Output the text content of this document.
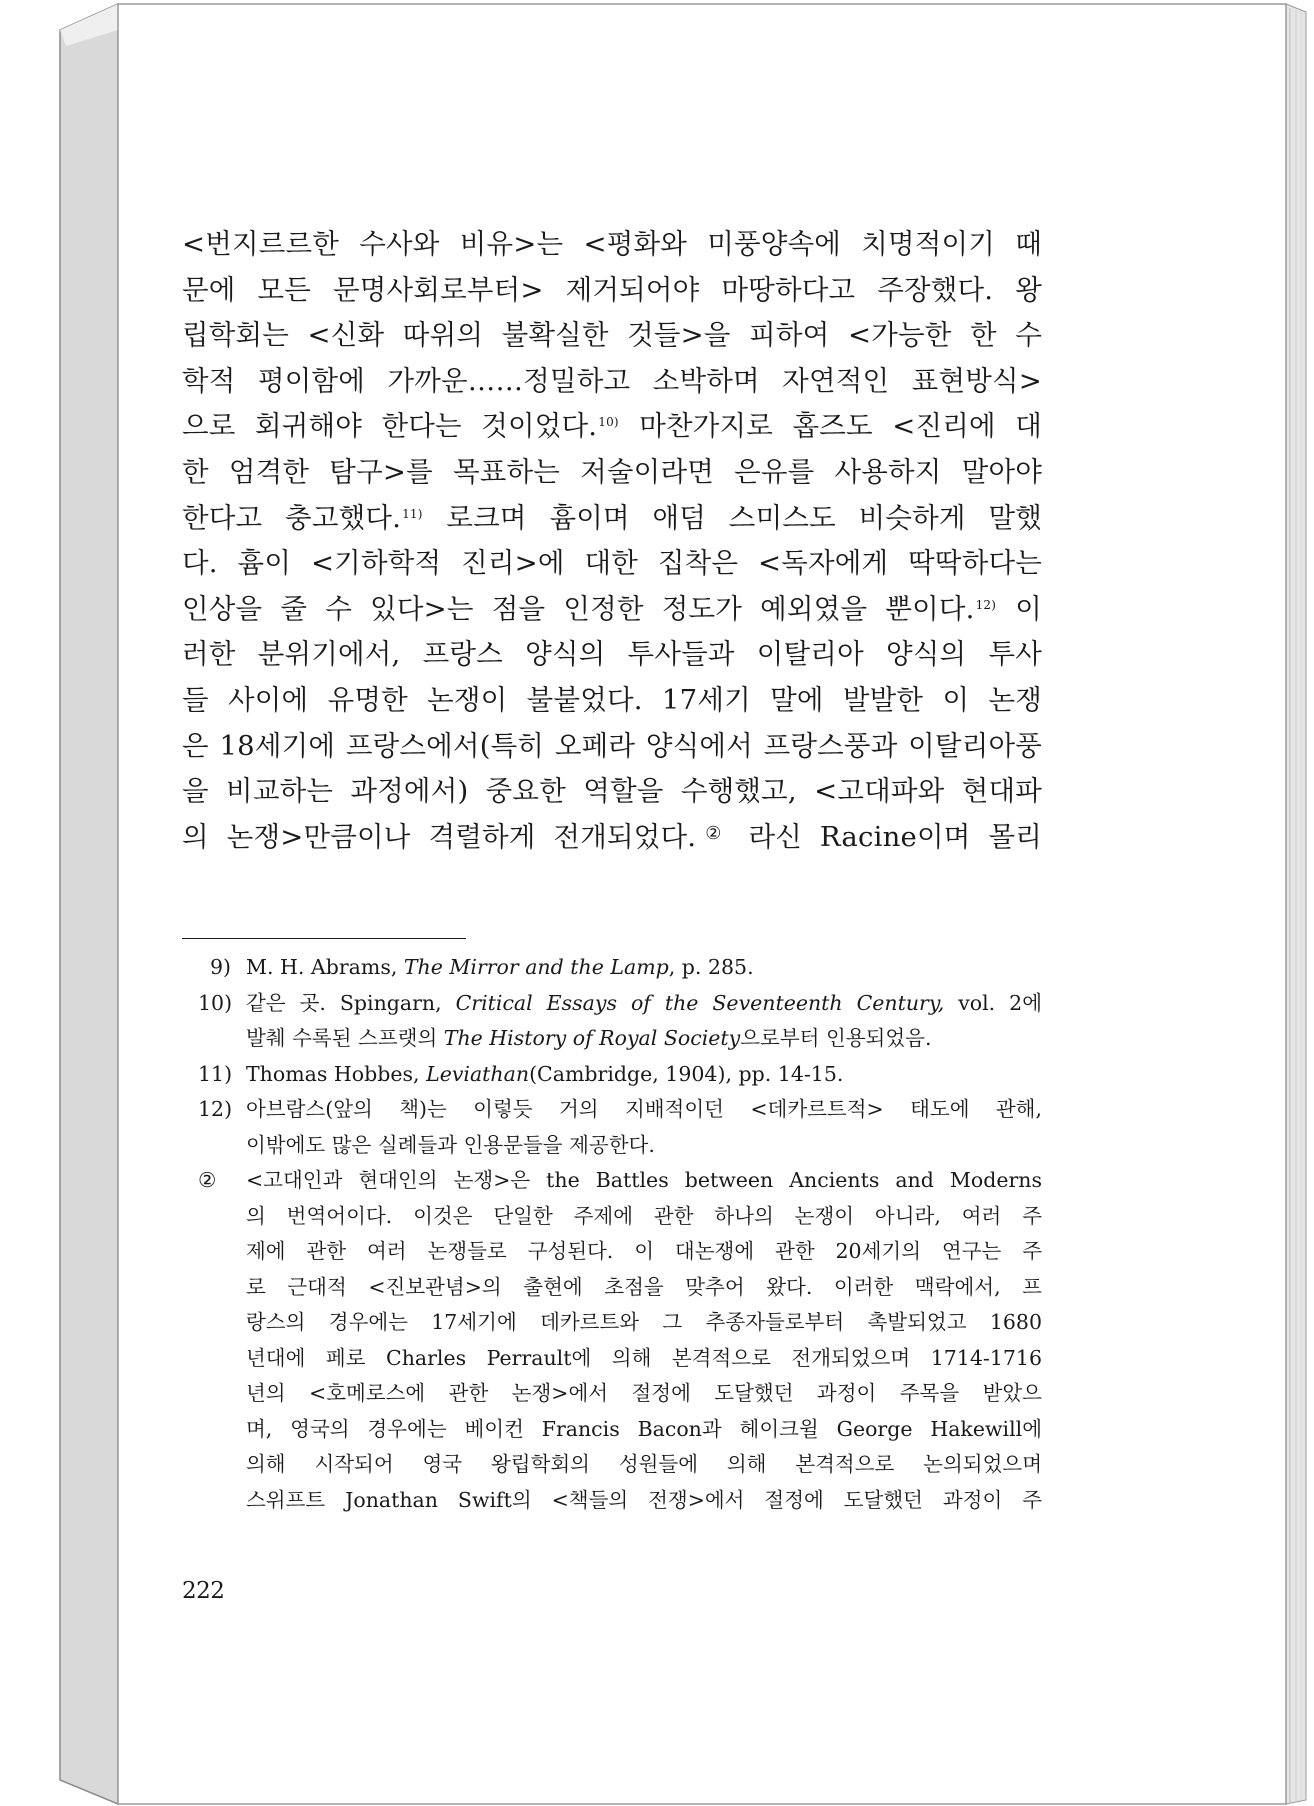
<번지르르한 수사와 비유>는 <평화와 미풍양속에 치명적이기 때

문에 모든 문명사회로부터> 제거되어야 마땅하다고 주장했다. 왕

립학회는 <신화 따위의 불확실한 것들>을 피하여 <가능한 한 수

학적 평이함에 가까운……정밀하고 소박하며 자연적인 표현방식>

으로 회귀해야 한다는 것이었다.$^{10)}$ 마찬가지로 홉즈도 <진리에 대

한 엄격한 탐구>를 목표하는 저술이라면 은유를 사용하지 말아야

한다고 충고했다.$^{11)}$ 로크며 흄이며 애덤 스미스도 비슷하게 말했

다. 흄이 <기하학적 진리>에 대한 집착은 <독자에게 딱딱하다는

인상을 줄 수 있다>는 점을 인정한 정도가 예외였을 뿐이다.$^{12)}$ 이

러한 분위기에서, 프랑스 양식의 투사들과 이탈리아 양식의 투사

들 사이에 유명한 논쟁이 불붙었다. 17세기 말에 발발한 이 논쟁

은 18세기에 프랑스에서(특히 오페라 양식에서 프랑스풍과 이탈리아풍

을 비교하는 과정에서) 중요한 역할을 수행했고, <고대파와 현대파

의 논쟁>만큼이나 격렬하게 전개되었다.② 라신 Racine이며 몰리

9) M. H. Abrams, The Mirror and the Lamp, p. 285.
10) 같은 곳. Spingarn, Critical Essays of the Seventeenth Century, vol. 2에
발췌 수록된 스프랫의 The History of Royal Society으로부터 인용되었음.
11) Thomas Hobbes, Leviathan(Cambridge, 1904), pp. 14-15.
12) 아브람스(앞의 책)는 이렇듯 거의 지배적이던 <데카르트적> 태도에 관해,
이밖에도 많은 실례들과 인용문들을 제공한다.
②	<고대인과 현대인의 논쟁>은 the Battles between Ancients and Moderns
의 번역어이다. 이것은 단일한 주제에 관한 하나의 논쟁이 아니라, 여러 주
제에 관한 여러 논쟁들로 구성된다. 이 대논쟁에 관한 20세기의 연구는 주
로 근대적 <진보관념>의 출현에 초점을 맞추어 왔다. 이러한 맥락에서, 프
랑스의 경우에는 17세기에 데카르트와 그 추종자들로부터 촉발되었고 1680
년대에 페로 Charles Perrault에 의해 본격적으로 전개되었으며 1714-1716
년의 <호메로스에 관한 논쟁>에서 절정에 도달했던 과정이 주목을 받았으
며, 영국의 경우에는 베이컨 Francis Bacon과 헤이크윌 George Hakewill에
의해 시작되어 영국 왕립학회의 성원들에 의해 본격적으로 논의되었으며
스위프트 Jonathan Swift의 <책들의 전쟁>에서 절정에 도달했던 과정이 주
222
